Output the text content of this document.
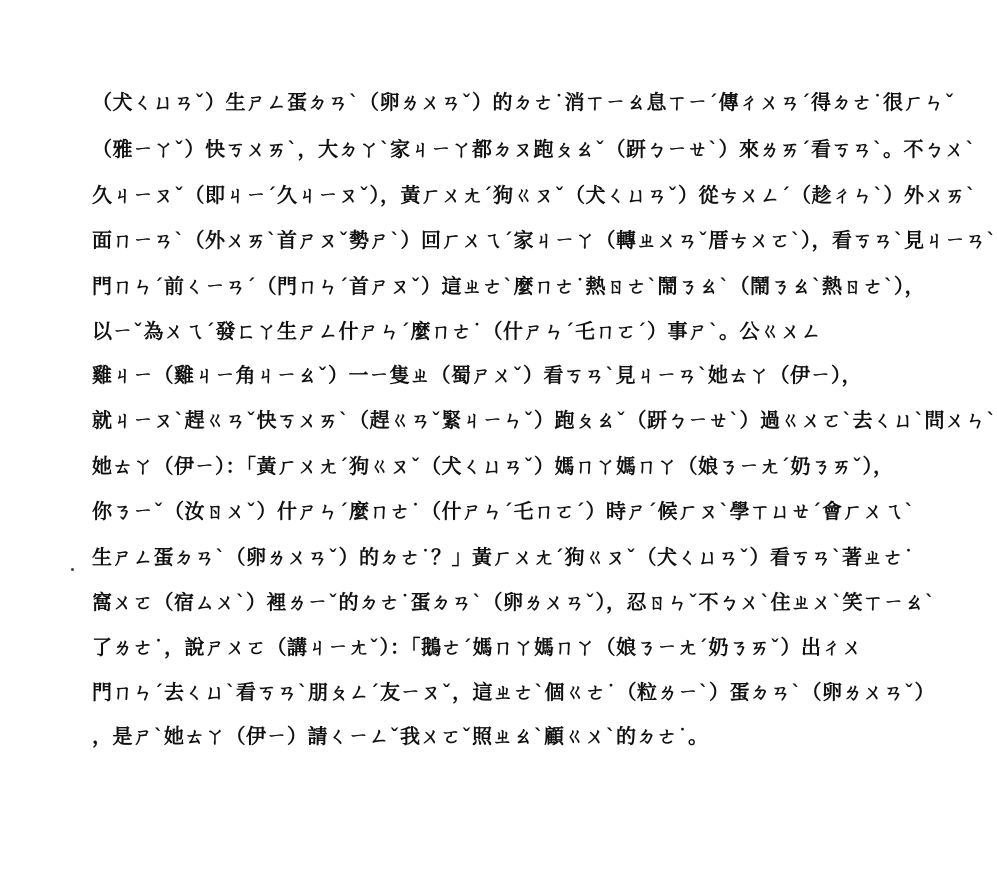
（犬ㄑㄩㄢˇ）生ㄕㄥ蛋ㄉㄢˋ（卵ㄌㄨㄢˇ）的ㄉㄜ˙消ㄒㄧㄠ息ㄒㄧˊ傳ㄔㄨㄢˊ得ㄉㄜ˙很ㄏㄣˇ
（雅ㄧㄚˇ）快ㄎㄨㄞˋ，大ㄉㄚˋ家ㄐㄧㄚ都ㄉㄡ跑ㄆㄠˇ（趼ㄅㄧㄝˋ）來ㄌㄞˊ看ㄎㄢˋ。不ㄅㄨˋ
久ㄐㄧㄡˇ（即ㄐㄧˊ久ㄐㄧㄡˇ），黃ㄏㄨㄤˊ狗ㄍㄡˇ（犬ㄑㄩㄢˇ）從ㄘㄨㄥˊ（趁ㄔㄣˋ）外ㄨㄞˋ
面ㄇㄧㄢˋ（外ㄨㄞˋ首ㄕㄡˇ勢ㄕˋ）回ㄏㄨㄟˊ家ㄐㄧㄚ（轉ㄓㄨㄢˇ厝ㄘㄨㄛˋ），看ㄎㄢˋ見ㄐㄧㄢˋ
門ㄇㄣˊ前ㄑㄧㄢˊ（門ㄇㄣˊ首ㄕㄡˇ）這ㄓㄜˋ麼ㄇㄜ˙熱ㄖㄜˋ鬧ㄋㄠˋ（鬧ㄋㄠˋ熱ㄖㄜˋ），
以ㄧˇ為ㄨㄟˊ發ㄈㄚ生ㄕㄥ什ㄕㄣˊ麼ㄇㄜ˙（什ㄕㄣˊ乇ㄇㄛˊ）事ㄕˋ。公ㄍㄨㄥ
雞ㄐㄧ（雞ㄐㄧ角ㄐㄧㄠˇ）一ㄧ隻ㄓ（蜀ㄕㄨˇ）看ㄎㄢˋ見ㄐㄧㄢˋ她ㄊㄚ（伊ㄧ），
就ㄐㄧㄡˋ趕ㄍㄢˇ快ㄎㄨㄞˋ（趕ㄍㄢˇ緊ㄐㄧㄣˇ）跑ㄆㄠˇ（趼ㄅㄧㄝˋ）過ㄍㄨㄛˋ去ㄑㄩˋ問ㄨㄣˋ
她ㄊㄚ（伊ㄧ）：「黃ㄏㄨㄤˊ狗ㄍㄡˇ（犬ㄑㄩㄢˇ）媽ㄇㄚ媽ㄇㄚ（娘ㄋㄧㄤˊ奶ㄋㄞˇ），
你ㄋㄧˇ（汝ㄖㄨˇ）什ㄕㄣˊ麼ㄇㄜ˙（什ㄕㄣˊ乇ㄇㄛˊ）時ㄕˊ候ㄏㄡˋ學ㄒㄩㄝˊ會ㄏㄨㄟˋ
生ㄕㄥ蛋ㄉㄢˋ（卵ㄌㄨㄢˇ）的ㄉㄜ˙？」黃ㄏㄨㄤˊ狗ㄍㄡˇ（犬ㄑㄩㄢˇ）看ㄎㄢˋ著ㄓㄜ˙
窩ㄨㄛ（宿ㄙㄨˋ）裡ㄌㄧˇ的ㄉㄜ˙蛋ㄉㄢˋ（卵ㄌㄨㄢˇ），忍ㄖㄣˇ不ㄅㄨˋ住ㄓㄨˋ笑ㄒㄧㄠˋ
了ㄌㄜ˙，說ㄕㄨㄛ（講ㄐㄧㄤˇ）：「鵝ㄜˊ媽ㄇㄚ媽ㄇㄚ（娘ㄋㄧㄤˊ奶ㄋㄞˇ）出ㄔㄨ
門ㄇㄣˊ去ㄑㄩˋ看ㄎㄢˋ朋ㄆㄥˊ友ㄧㄡˇ，這ㄓㄜˋ個ㄍㄜ˙（粒ㄌㄧˋ）蛋ㄉㄢˋ（卵ㄌㄨㄢˇ）
，是ㄕˋ她ㄊㄚ（伊ㄧ）請ㄑㄧㄥˇ我ㄨㄛˇ照ㄓㄠˋ顧ㄍㄨˋ的ㄉㄜ˙。
